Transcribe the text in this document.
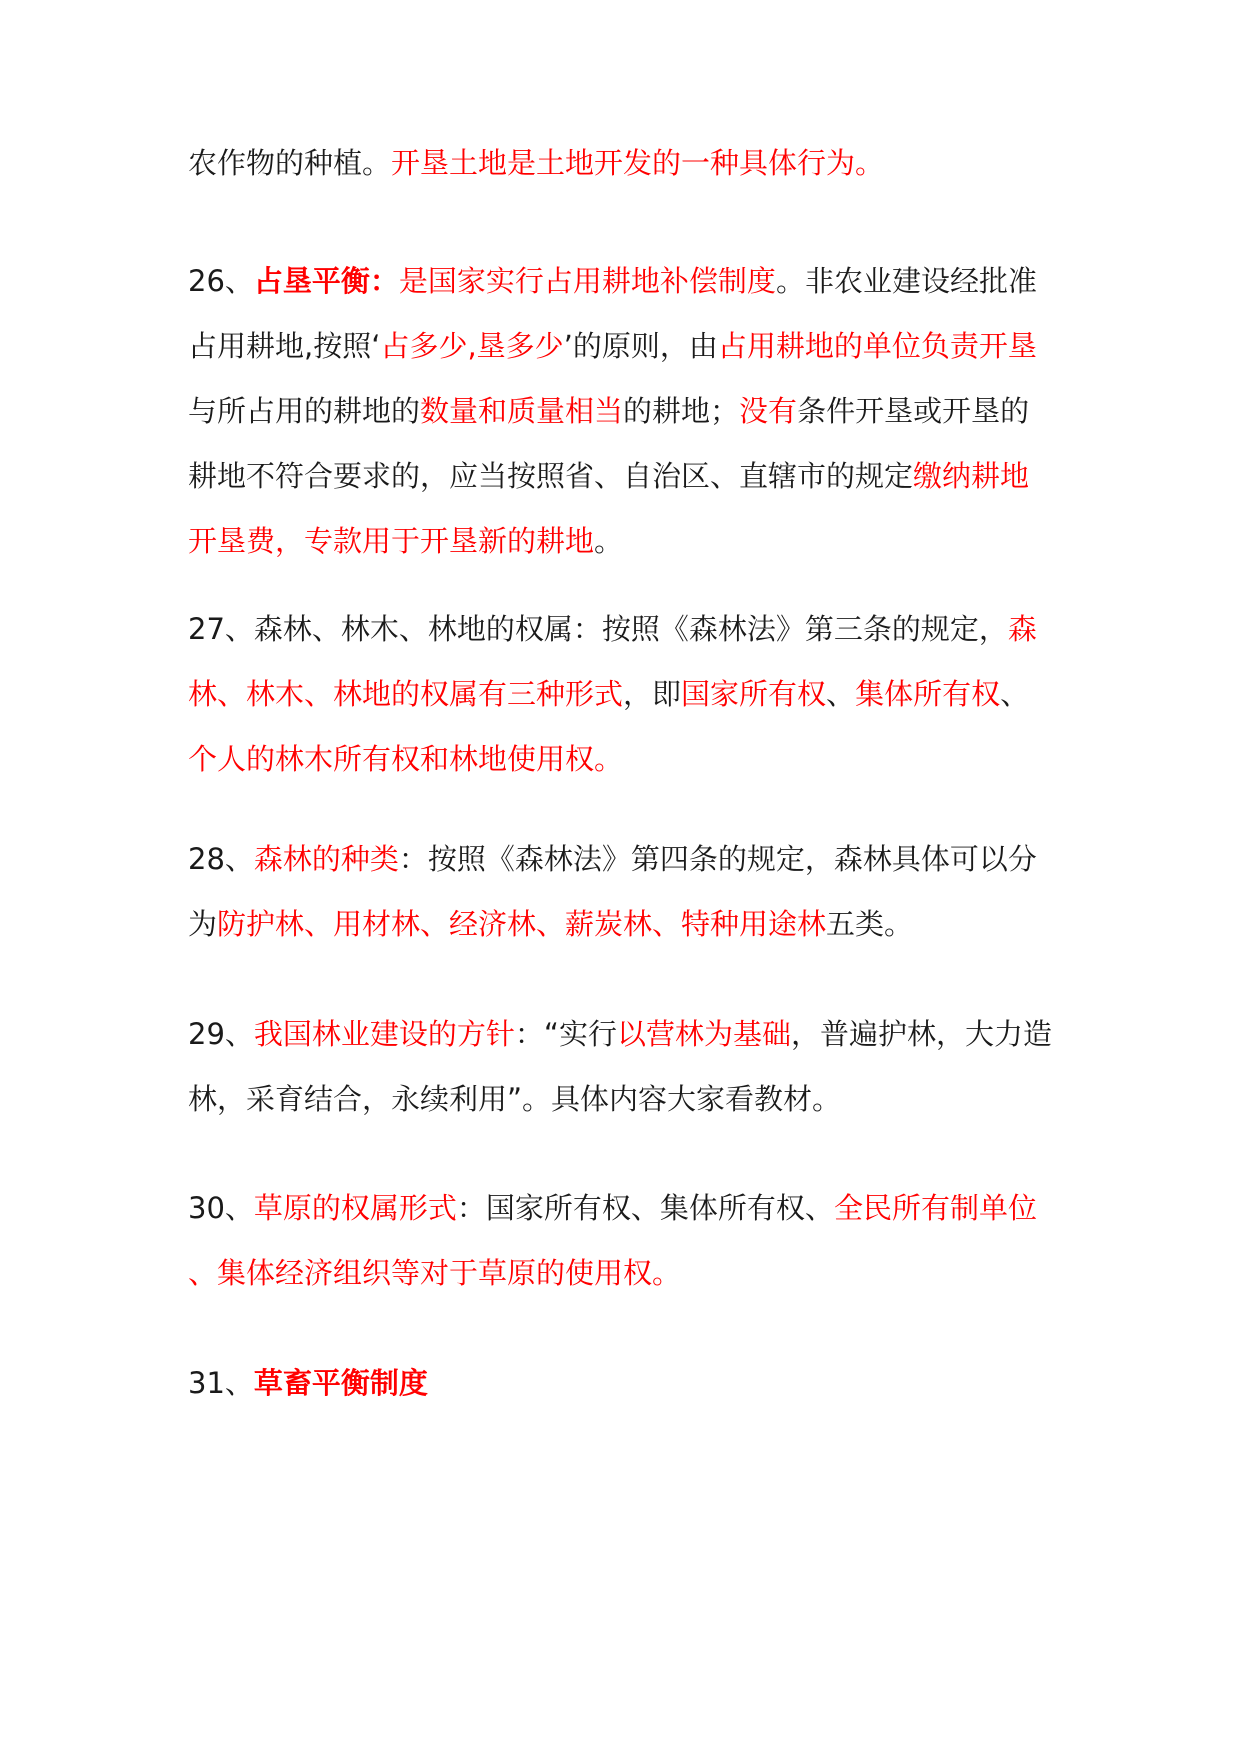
农作物的种植。开垦土地是土地开发的一种具体行为。

26、占垦平衡：是国家实行占用耕地补偿制度。非农业建设经批准
占用耕地,按照‘占多少,垦多少’的原则，由占用耕地的单位负责开垦
与所占用的耕地的数量和质量相当的耕地；没有条件开垦或开垦的
耕地不符合要求的，应当按照省、自治区、直辖市的规定缴纳耕地
开垦费，专款用于开垦新的耕地。

27、森林、林木、林地的权属：按照《森林法》第三条的规定，森
林、林木、林地的权属有三种形式，即国家所有权、集体所有权、
个人的林木所有权和林地使用权。

28、森林的种类：按照《森林法》第四条的规定，森林具体可以分
为防护林、用材林、经济林、薪炭林、特种用途林五类。

29、我国林业建设的方针：“实行以营林为基础，普遍护林，大力造
林，采育结合，永续利用”。具体内容大家看教材。

30、草原的权属形式：国家所有权、集体所有权、全民所有制单位
、集体经济组织等对于草原的使用权。

31、草畜平衡制度
